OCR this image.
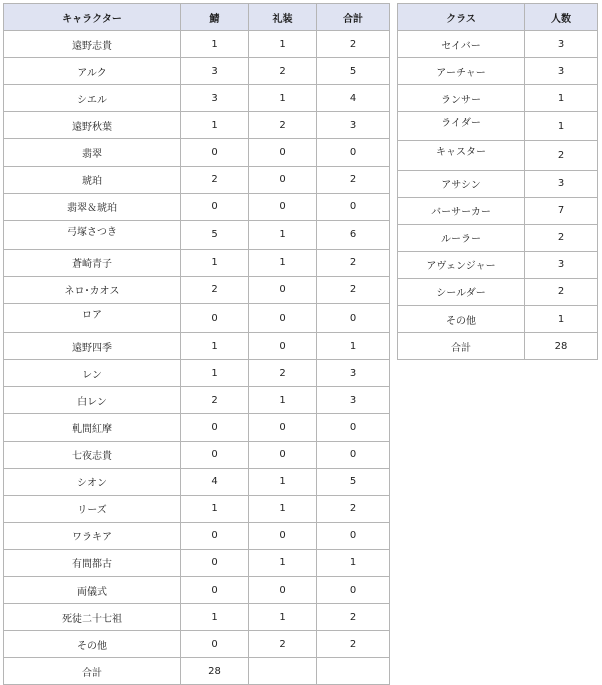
キャラクター	鯖	礼装	合計
遠野志貴	1	1	2
アルク	3	2	5
シエル	3	1	4
遠野秋葉	1	2	3
翡翠	0	0	0
琥珀	2	0	2
翡翠＆琥珀	0	0	0
弓塚さつき	5	1	6
蒼崎青子	1	1	2
ネロ･カオス	2	0	2
ロア	0	0	0
遠野四季	1	0	1
レン	1	2	3
白レン	2	1	3
軋間紅摩	0	0	0
七夜志貴	0	0	0
シオン	4	1	5
リーズ	1	1	2
ワラキア	0	0	0
有間都古	0	1	1
両儀式	0	0	0
死徒二十七祖	1	1	2
その他	0	2	2
合計	28		
クラス	人数
セイバー	3
アーチャー	3
ランサー	1
ライダー	1
キャスター	2
アサシン	3
バーサーカー	7
ルーラー	2
アヴェンジャー	3
シールダー	2
その他	1
合計	28
